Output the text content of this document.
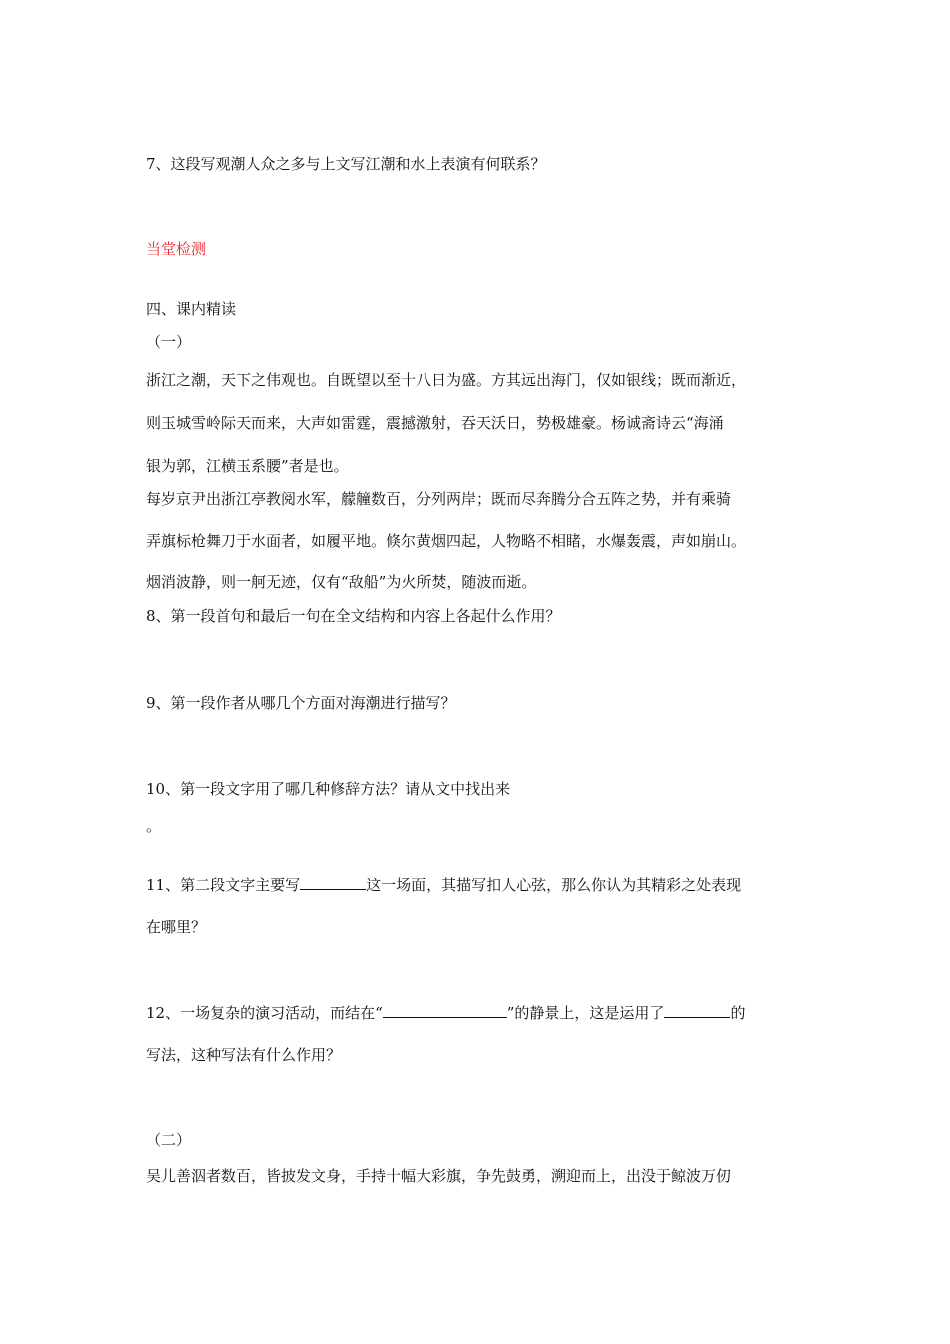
7、这段写观潮人众之多与上文写江潮和水上表演有何联系？
当堂检测
四、课内精读
（一）
浙江之潮，天下之伟观也。自既望以至十八日为盛。方其远出海门，仅如银线；既而渐近，
则玉城雪岭际天而来，大声如雷霆，震撼激射，吞天沃日，势极雄豪。杨诚斋诗云“海涌
银为郭，江横玉系腰”者是也。
每岁京尹出浙江亭教阅水军，艨艟数百，分列两岸；既而尽奔腾分合五阵之势，并有乘骑
弄旗标枪舞刀于水面者，如履平地。倏尔黄烟四起，人物略不相睹，水爆轰震，声如崩山。
烟消波静，则一舸无迹，仅有“敌船”为火所焚，随波而逝。
8、第一段首句和最后一句在全文结构和内容上各起什么作用？
9、第一段作者从哪几个方面对海潮进行描写？
10、第一段文字用了哪几种修辞方法？请从文中找出来
。
11、第二段文字主要写	这一场面，其描写扣人心弦，那么你认为其精彩之处表现
在哪里？
12、一场复杂的演习活动，而结在“	”的静景上，这是运用了	的
写法，这种写法有什么作用？
（二）
吴儿善泅者数百，皆披发文身，手持十幅大彩旗，争先鼓勇，溯迎而上，出没于鲸波万仞
